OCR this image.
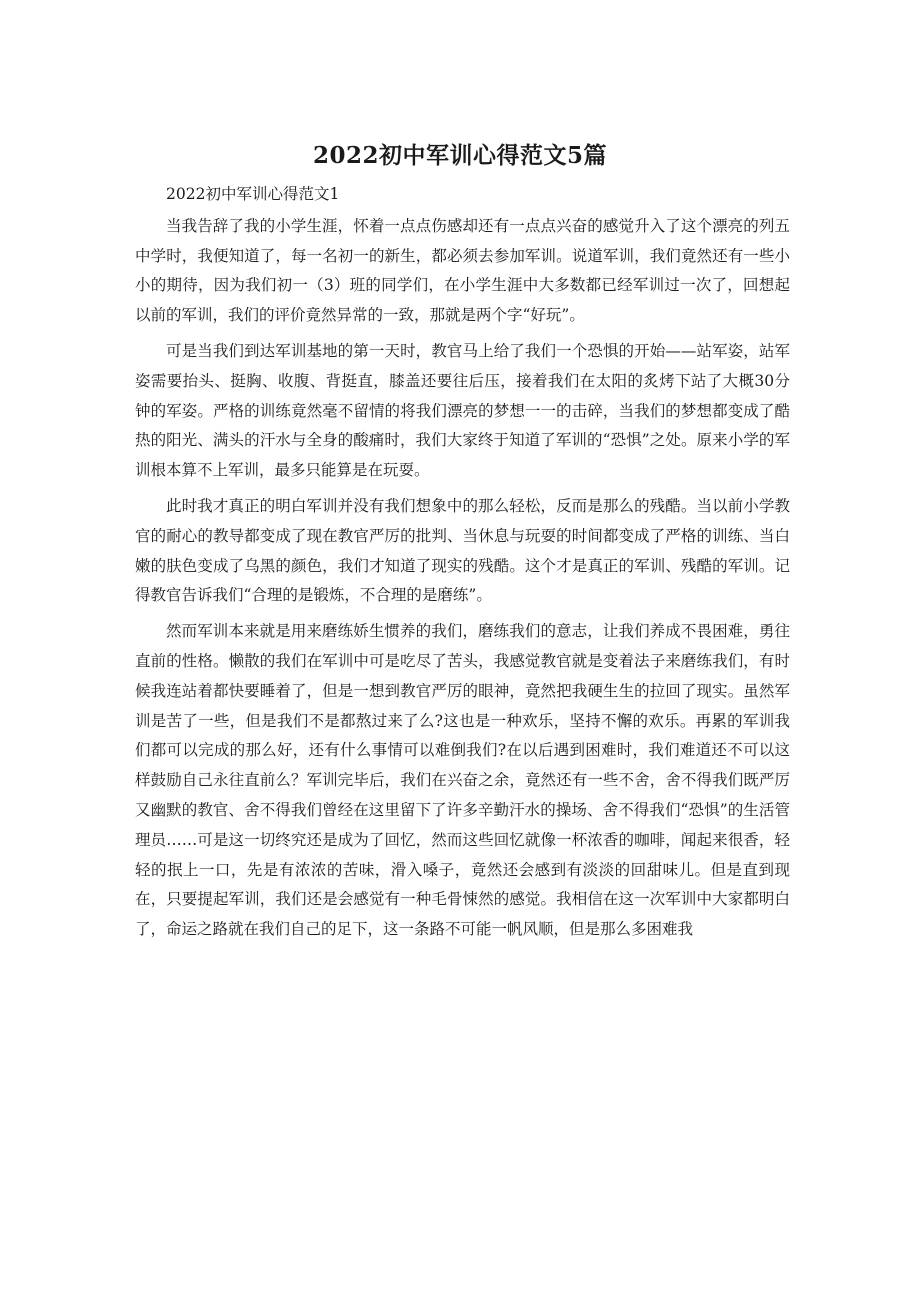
2022初中军训心得范文5篇

2022初中军训心得范文1

当我告辞了我的小学生涯，怀着一点点伤感却还有一点点兴奋的感觉升入了这个漂亮的列五中学时，我便知道了，每一名初一的新生，都必须去参加军训。说道军训，我们竟然还有一些小小的期待，因为我们初一（3）班的同学们，在小学生涯中大多数都已经军训过一次了，回想起以前的军训，我们的评价竟然异常的一致，那就是两个字“好玩”。

可是当我们到达军训基地的第一天时，教官马上给了我们一个恐惧的开始——站军姿，站军姿需要抬头、挺胸、收腹、背挺直，膝盖还要往后压，接着我们在太阳的炙烤下站了大概30分钟的军姿。严格的训练竟然毫不留情的将我们漂亮的梦想一一的击碎，当我们的梦想都变成了酷热的阳光、满头的汗水与全身的酸痛时，我们大家终于知道了军训的“恐惧”之处。原来小学的军训根本算不上军训，最多只能算是在玩耍。

此时我才真正的明白军训并没有我们想象中的那么轻松，反而是那么的残酷。当以前小学教官的耐心的教导都变成了现在教官严厉的批判、当休息与玩耍的时间都变成了严格的训练、当白嫩的肤色变成了乌黑的颜色，我们才知道了现实的残酷。这个才是真正的军训、残酷的军训。记得教官告诉我们“合理的是锻炼，不合理的是磨练”。

然而军训本来就是用来磨练娇生惯养的我们，磨练我们的意志，让我们养成不畏困难，勇往直前的性格。懒散的我们在军训中可是吃尽了苦头，我感觉教官就是变着法子来磨练我们，有时候我连站着都快要睡着了，但是一想到教官严厉的眼神，竟然把我硬生生的拉回了现实。虽然军训是苦了一些，但是我们不是都熬过来了么?这也是一种欢乐，坚持不懈的欢乐。再累的军训我们都可以完成的那么好，还有什么事情可以难倒我们?在以后遇到困难时，我们难道还不可以这样鼓励自己永往直前么？军训完毕后，我们在兴奋之余，竟然还有一些不舍，舍不得我们既严厉又幽默的教官、舍不得我们曾经在这里留下了许多辛勤汗水的操场、舍不得我们“恐惧”的生活管理员……可是这一切终究还是成为了回忆，然而这些回忆就像一杯浓香的咖啡，闻起来很香，轻轻的抿上一口，先是有浓浓的苦味，滑入嗓子，竟然还会感到有淡淡的回甜味儿。但是直到现在，只要提起军训，我们还是会感觉有一种毛骨悚然的感觉。我相信在这一次军训中大家都明白了，命运之路就在我们自己的足下，这一条路不可能一帆风顺，但是那么多困难我
